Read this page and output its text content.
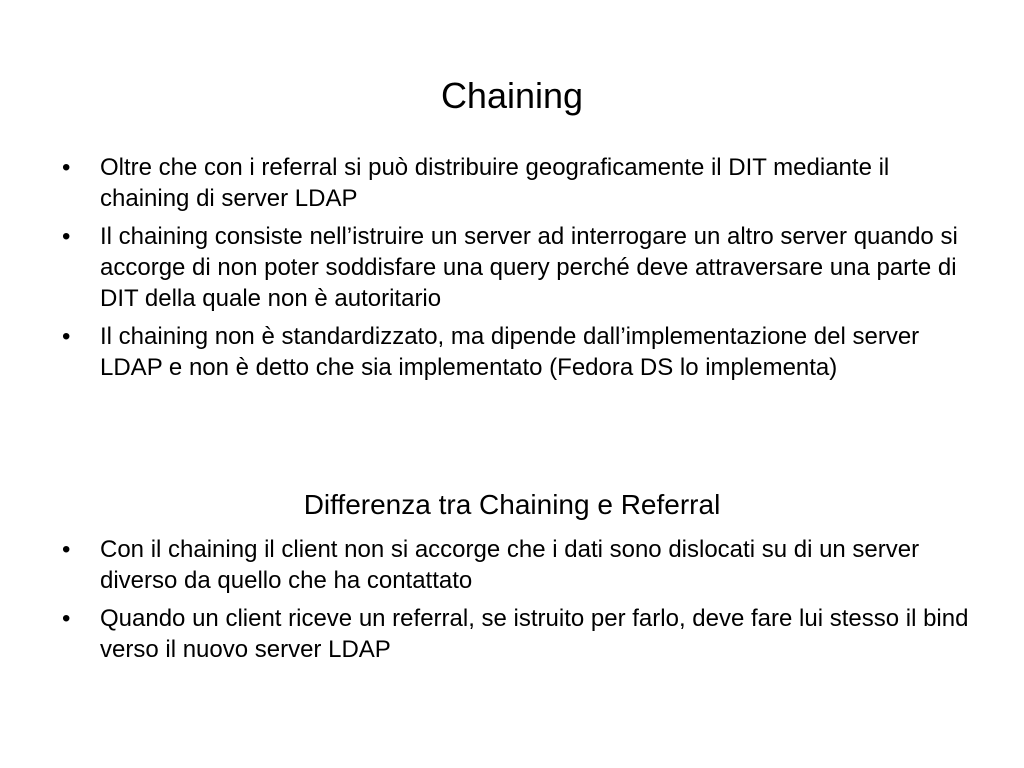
Chaining
•	Oltre che con i referral si può distribuire geograficamente il DIT mediante il chaining di server LDAP
•	Il chaining consiste nell’istruire un server ad interrogare un altro server quando si accorge di non poter soddisfare una query perché deve attraversare una parte di DIT della quale non è autoritario
•	Il chaining non è standardizzato, ma dipende dall’implementazione del server LDAP e non è detto che sia implementato (Fedora DS lo implementa)
Differenza tra Chaining e Referral
•	Con il chaining il client non si accorge che i dati sono dislocati su di un server diverso da quello che ha contattato
•	Quando un client riceve un referral, se istruito per farlo, deve fare lui stesso il bind verso il nuovo server LDAP
